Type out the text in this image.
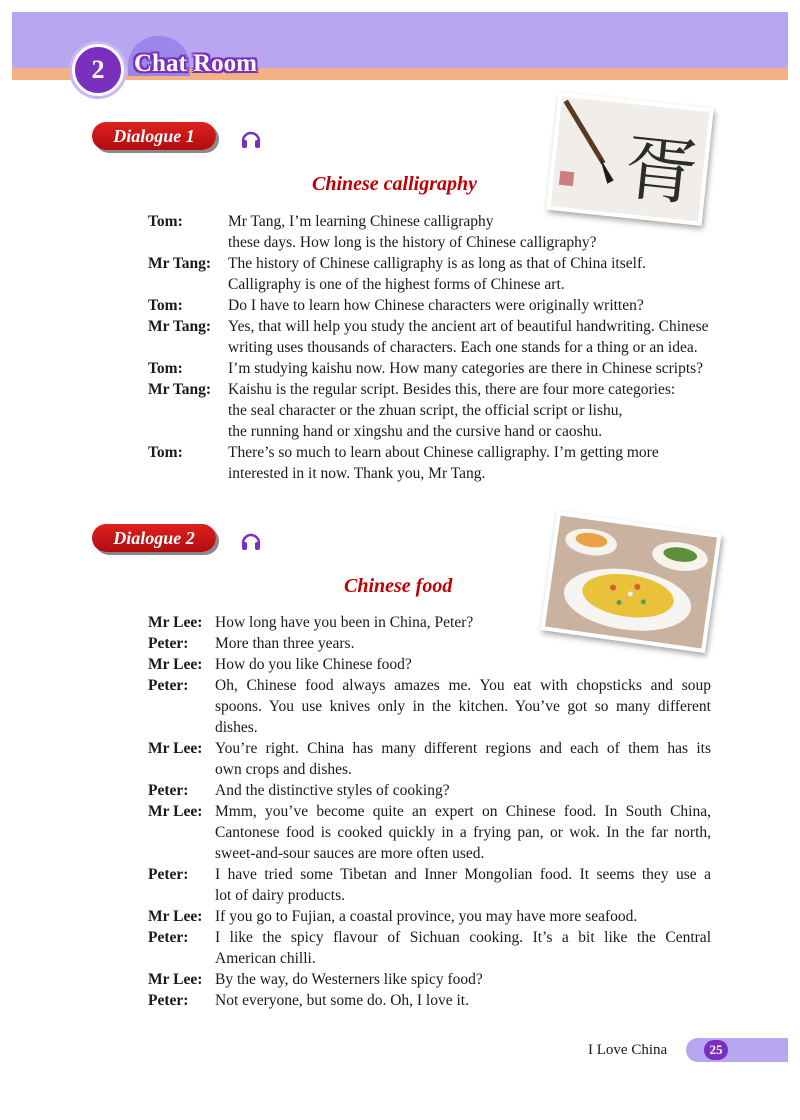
2	Chat Room
Dialogue 1	胥
Chinese calligraphy
Tom:	Mr Tang, I’m learning Chinese calligraphy
these days. How long is the history of Chinese calligraphy?
Mr Tang: The history of Chinese calligraphy is as long as that of China itself.
Calligraphy is one of the highest forms of Chinese art.
Tom:	Do I have to learn how Chinese characters were originally written?
Mr Tang: Yes, that will help you study the ancient art of beautiful handwriting. Chinese
writing uses thousands of characters. Each one stands for a thing or an idea.
Tom:	I’m studying kaishu now. How many categories are there in Chinese scripts?
Mr Tang: Kaishu is the regular script. Besides this, there are four more categories:
the seal character or the zhuan script, the official script or lishu,
the running hand or xingshu and the cursive hand or caoshu.
Tom:	There’s so much to learn about Chinese calligraphy. I’m getting more
interested in it now. Thank you, Mr Tang.
Dialogue 2
Chinese food
Mr Lee: How long have you been in China, Peter?
Peter: More than three years.
Mr Lee: How do you like Chinese food?
Peter: Oh, Chinese food always amazes me. You eat with chopsticks and soup
spoons. You use knives only in the kitchen. You’ve got so many different
dishes.
Mr Lee: You’re right. China has many different regions and each of them has its
own crops and dishes.
Peter: And the distinctive styles of cooking?
Mr Lee: Mmm, you’ve become quite an expert on Chinese food. In South China,
Cantonese food is cooked quickly in a frying pan, or wok. In the far north,
sweet-and-sour sauces are more often used.
Peter: I have tried some Tibetan and Inner Mongolian food. It seems they use a
lot of dairy products.
Mr Lee: If you go to Fujian, a coastal province, you may have more seafood.
Peter: I like the spicy flavour of Sichuan cooking. It’s a bit like the Central
American chilli.
Mr Lee: By the way, do Westerners like spicy food?
Peter: Not everyone, but some do. Oh, I love it.
I Love China	25
